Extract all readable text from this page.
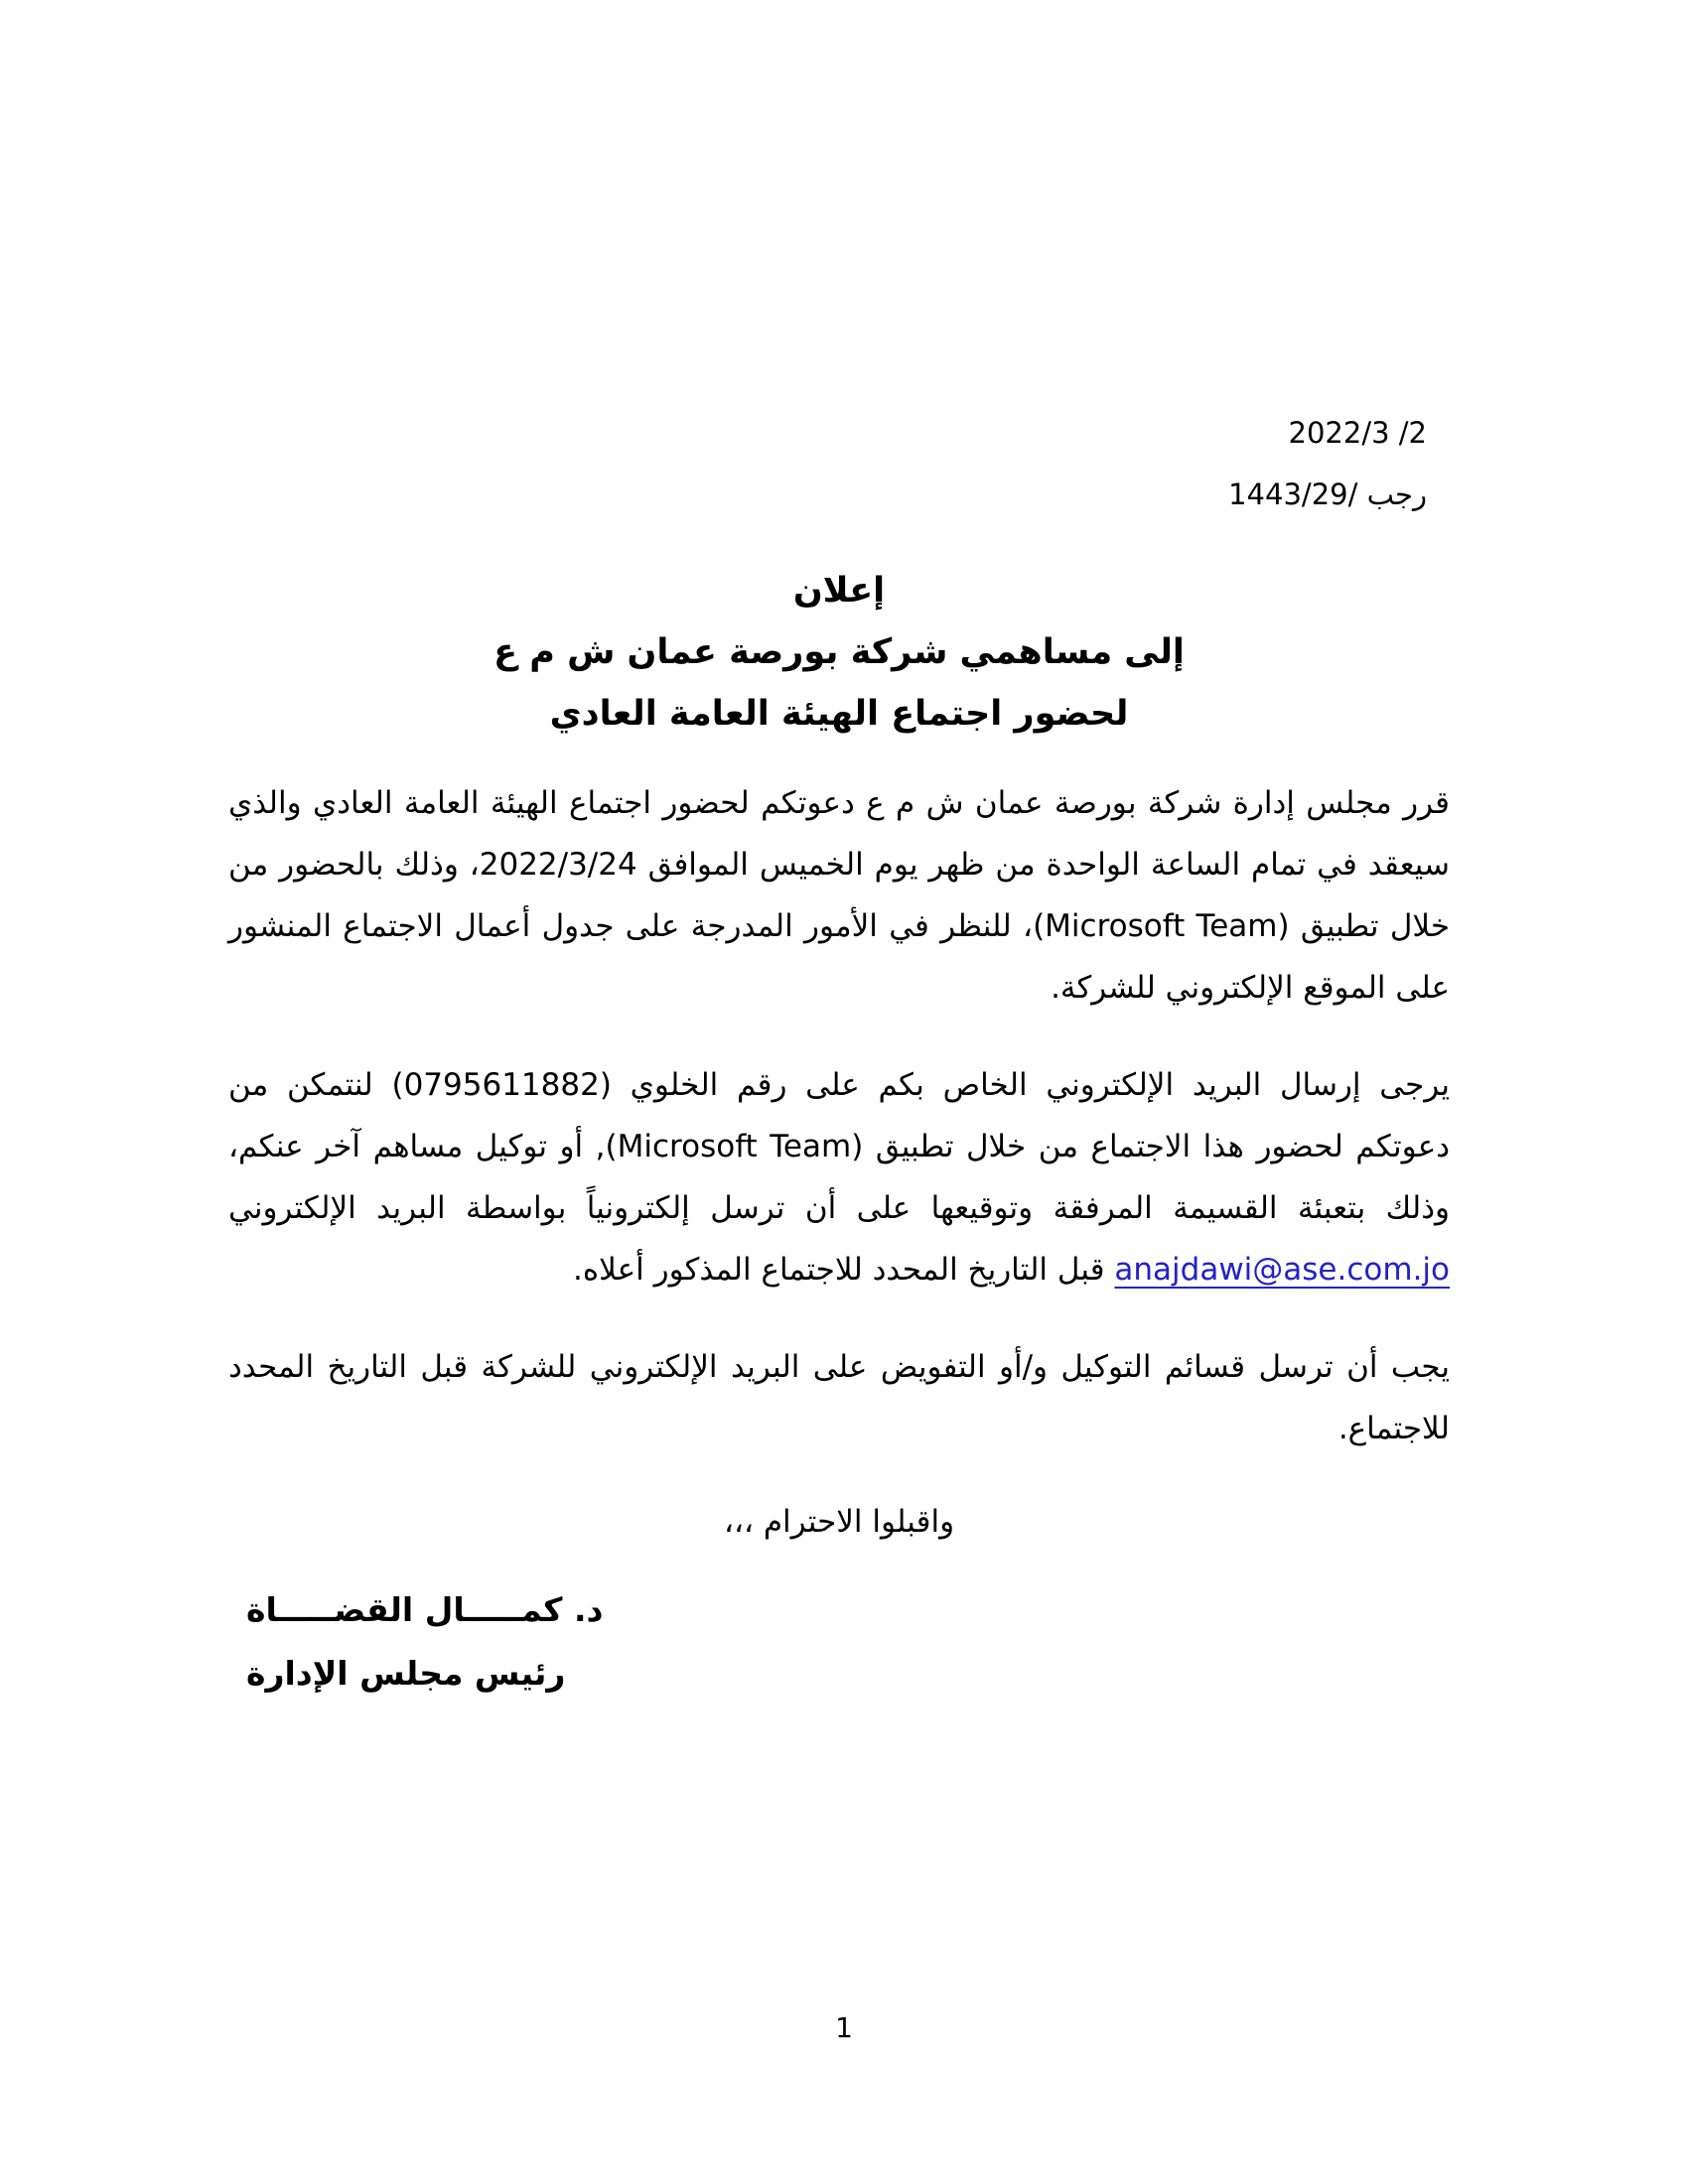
2022/3 /2
1443/رجب /29
إعلان
إلى مساهمي شركة بورصة عمان ش م ع
لحضور اجتماع الهيئة العامة العادي

قرر مجلس إدارة شركة بورصة عمان ش م ع دعوتكم لحضور اجتماع الهيئة العامة العادي والذي سيعقد في تمام الساعة الواحدة من ظهر يوم الخميس الموافق 2022/3/24، وذلك بالحضور من خلال تطبيق (Microsoft Team)، للنظر في الأمور المدرجة على جدول أعمال الاجتماع المنشور على الموقع الإلكتروني للشركة.

يرجى إرسال البريد الإلكتروني الخاص بكم على رقم الخلوي (0795611882) لنتمكن من دعوتكم لحضور هذا الاجتماع من خلال تطبيق (Microsoft Team), أو توكيل مساهم آخر عنكم، وذلك بتعبئة القسيمة المرفقة وتوقيعها على أن ترسل إلكترونياً بواسطة البريد الإلكتروني anajdawi@ase.com.jo قبل التاريخ المحدد للاجتماع المذكور أعلاه.

يجب أن ترسل قسائم التوكيل و/أو التفويض على البريد الإلكتروني للشركة قبل التاريخ المحدد للاجتماع.

واقبلوا الاحترام ،،،
د. كمـــــال القضـــــاة
رئيس مجلس الإدارة
1
